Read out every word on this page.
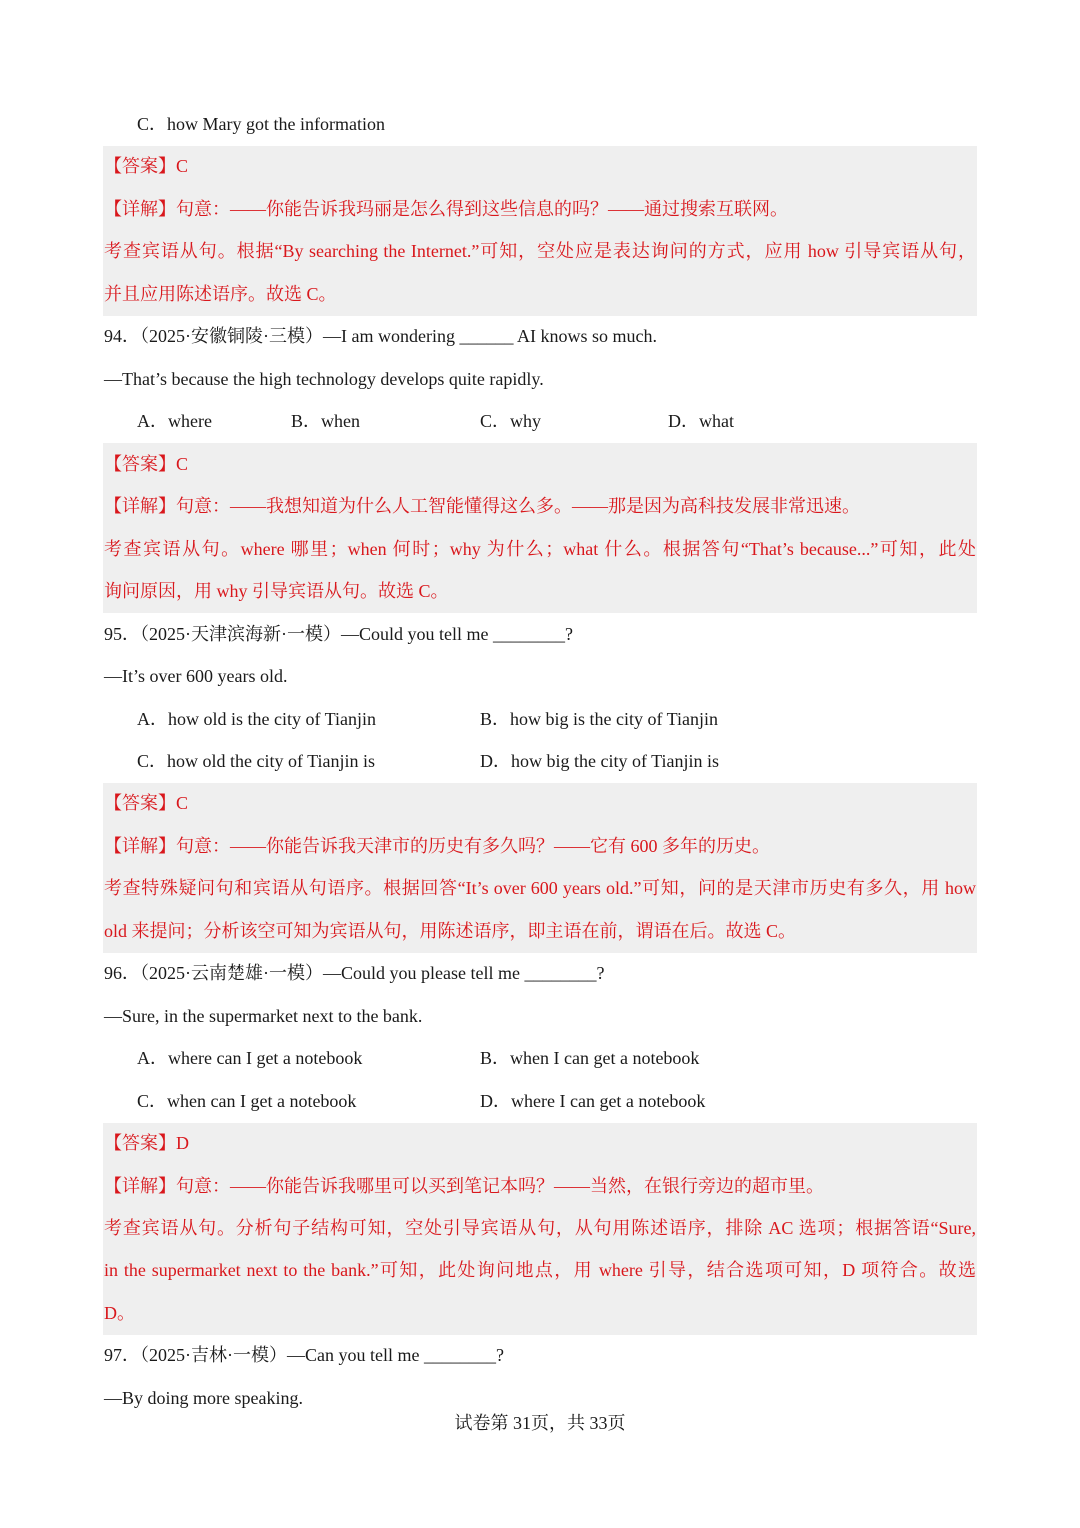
C．how Mary got the information
【答案】C
【详解】句意：——你能告诉我玛丽是怎么得到这些信息的吗？——通过搜索互联网。
考查宾语从句。根据“By searching the Internet.”可知，空处应是表达询问的方式，应用 how 引导宾语从句，
并且应用陈述语序。故选 C。
94．（2025·安徽铜陵·三模）—I am wondering ______ AI knows so much.
—That’s because the high technology develops quite rapidly.
A．where	B．when	C．why	D．what
【答案】C
【详解】句意：——我想知道为什么人工智能懂得这么多。——那是因为高科技发展非常迅速。
考查宾语从句。where 哪里；when 何时；why 为什么；what 什么。根据答句“That’s because...”可知，此处
询问原因，用 why 引导宾语从句。故选 C。
95．（2025·天津滨海新·一模）—Could you tell me ________?
—It’s over 600 years old.
A．how old is the city of Tianjin	B．how big is the city of Tianjin
C．how old the city of Tianjin is	D．how big the city of Tianjin is
【答案】C
【详解】句意：——你能告诉我天津市的历史有多久吗？——它有 600 多年的历史。
考查特殊疑问句和宾语从句语序。根据回答“It’s over 600 years old.”可知，问的是天津市历史有多久，用 how
old 来提问；分析该空可知为宾语从句，用陈述语序，即主语在前，谓语在后。故选 C。
96．（2025·云南楚雄·一模）—Could you please tell me ________?
—Sure, in the supermarket next to the bank.
A．where can I get a notebook	B．when I can get a notebook
C．when can I get a notebook	D．where I can get a notebook
【答案】D
【详解】句意：——你能告诉我哪里可以买到笔记本吗？——当然，在银行旁边的超市里。
考查宾语从句。分析句子结构可知，空处引导宾语从句，从句用陈述语序，排除 AC 选项；根据答语“Sure,
in the supermarket next to the bank.”可知，此处询问地点，用 where 引导，结合选项可知，D 项符合。故选
D。
97．（2025·吉林·一模）—Can you tell me ________?
—By doing more speaking.
试卷第 31页，共 33页
